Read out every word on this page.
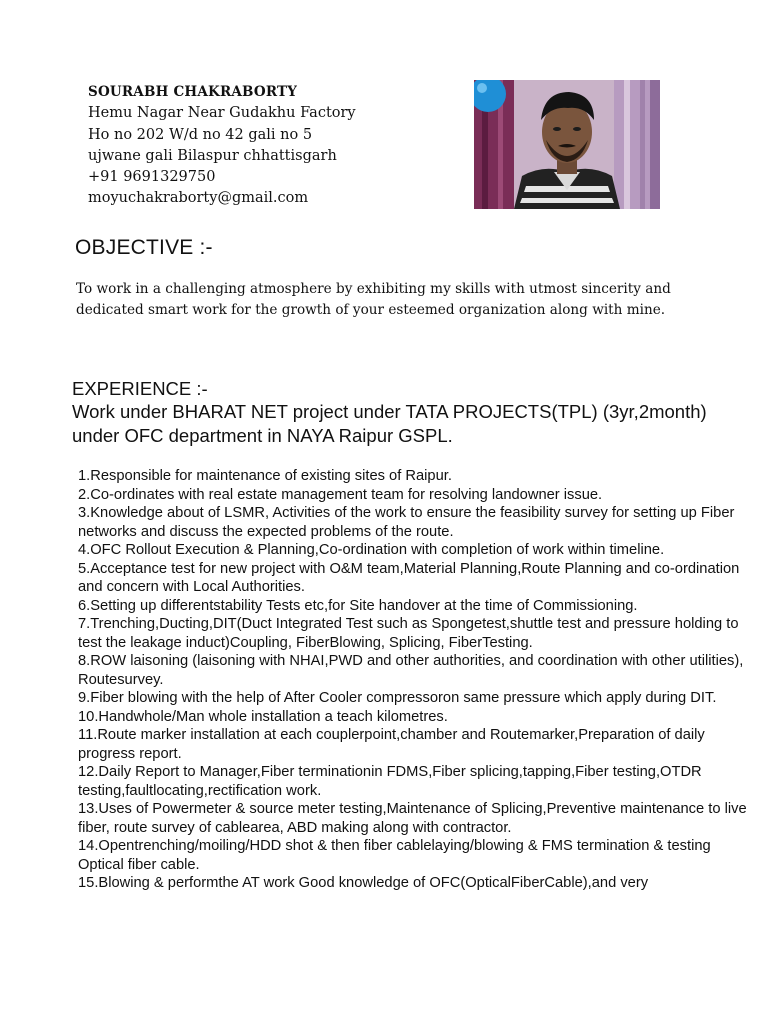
SOURABH CHAKRABORTY
Hemu Nagar Near Gudakhu Factory
Ho no 202 W/d no 42 gali no 5
ujwane gali Bilaspur chhattisgarh
+91 9691329750
moyuchakraborty@gmail.com
OBJECTIVE :-
To work in a challenging atmosphere by exhibiting my skills with utmost sincerity and dedicated smart work for the growth of your esteemed organization along with mine.
EXPERIENCE :-
Work under BHARAT NET project under TATA PROJECTS(TPL) (3yr,2month) under OFC department in NAYA Raipur GSPL.
1.Responsible for maintenance of existing sites of Raipur.
2.Co-ordinates with real estate management team for resolving landowner issue.
3.Knowledge about of LSMR, Activities of the work to ensure the feasibility survey for setting up Fiber networks and discuss the expected problems of the route.
4.OFC Rollout Execution & Planning,Co-ordination with completion of work within timeline.
5.Acceptance test for new project with O&M team,Material Planning,Route Planning and co-ordination and concern with Local Authorities.
6.Setting up differentstability Tests etc,for Site handover at the time of Commissioning.
7.Trenching,Ducting,DIT(Duct Integrated Test such as Spongetest,shuttle test and pressure holding to test the leakage induct)Coupling, FiberBlowing, Splicing, FiberTesting.
8.ROW laisoning (laisoning with NHAI,PWD and other authorities, and coordination with other utilities), Routesurvey.
9.Fiber blowing with the help of After Cooler compressoron same pressure which apply during DIT.
10.Handwhole/Man whole installation a teach kilometres.
11.Route marker installation at each couplerpoint,chamber and Routemarker,Preparation of daily progress report.
12.Daily Report to Manager,Fiber terminationin FDMS,Fiber splicing,tapping,Fiber testing,OTDR testing,faultlocating,rectification work.
13.Uses of Powermeter & source meter testing,Maintenance of Splicing,Preventive maintenance to live fiber, route survey of cablearea, ABD making along with contractor.
14.Opentrenching/moiling/HDD shot & then fiber cablelaying/blowing & FMS termination & testing Optical fiber cable.
15.Blowing & performthe AT work Good knowledge of OFC(OpticalFiberCable),and very
